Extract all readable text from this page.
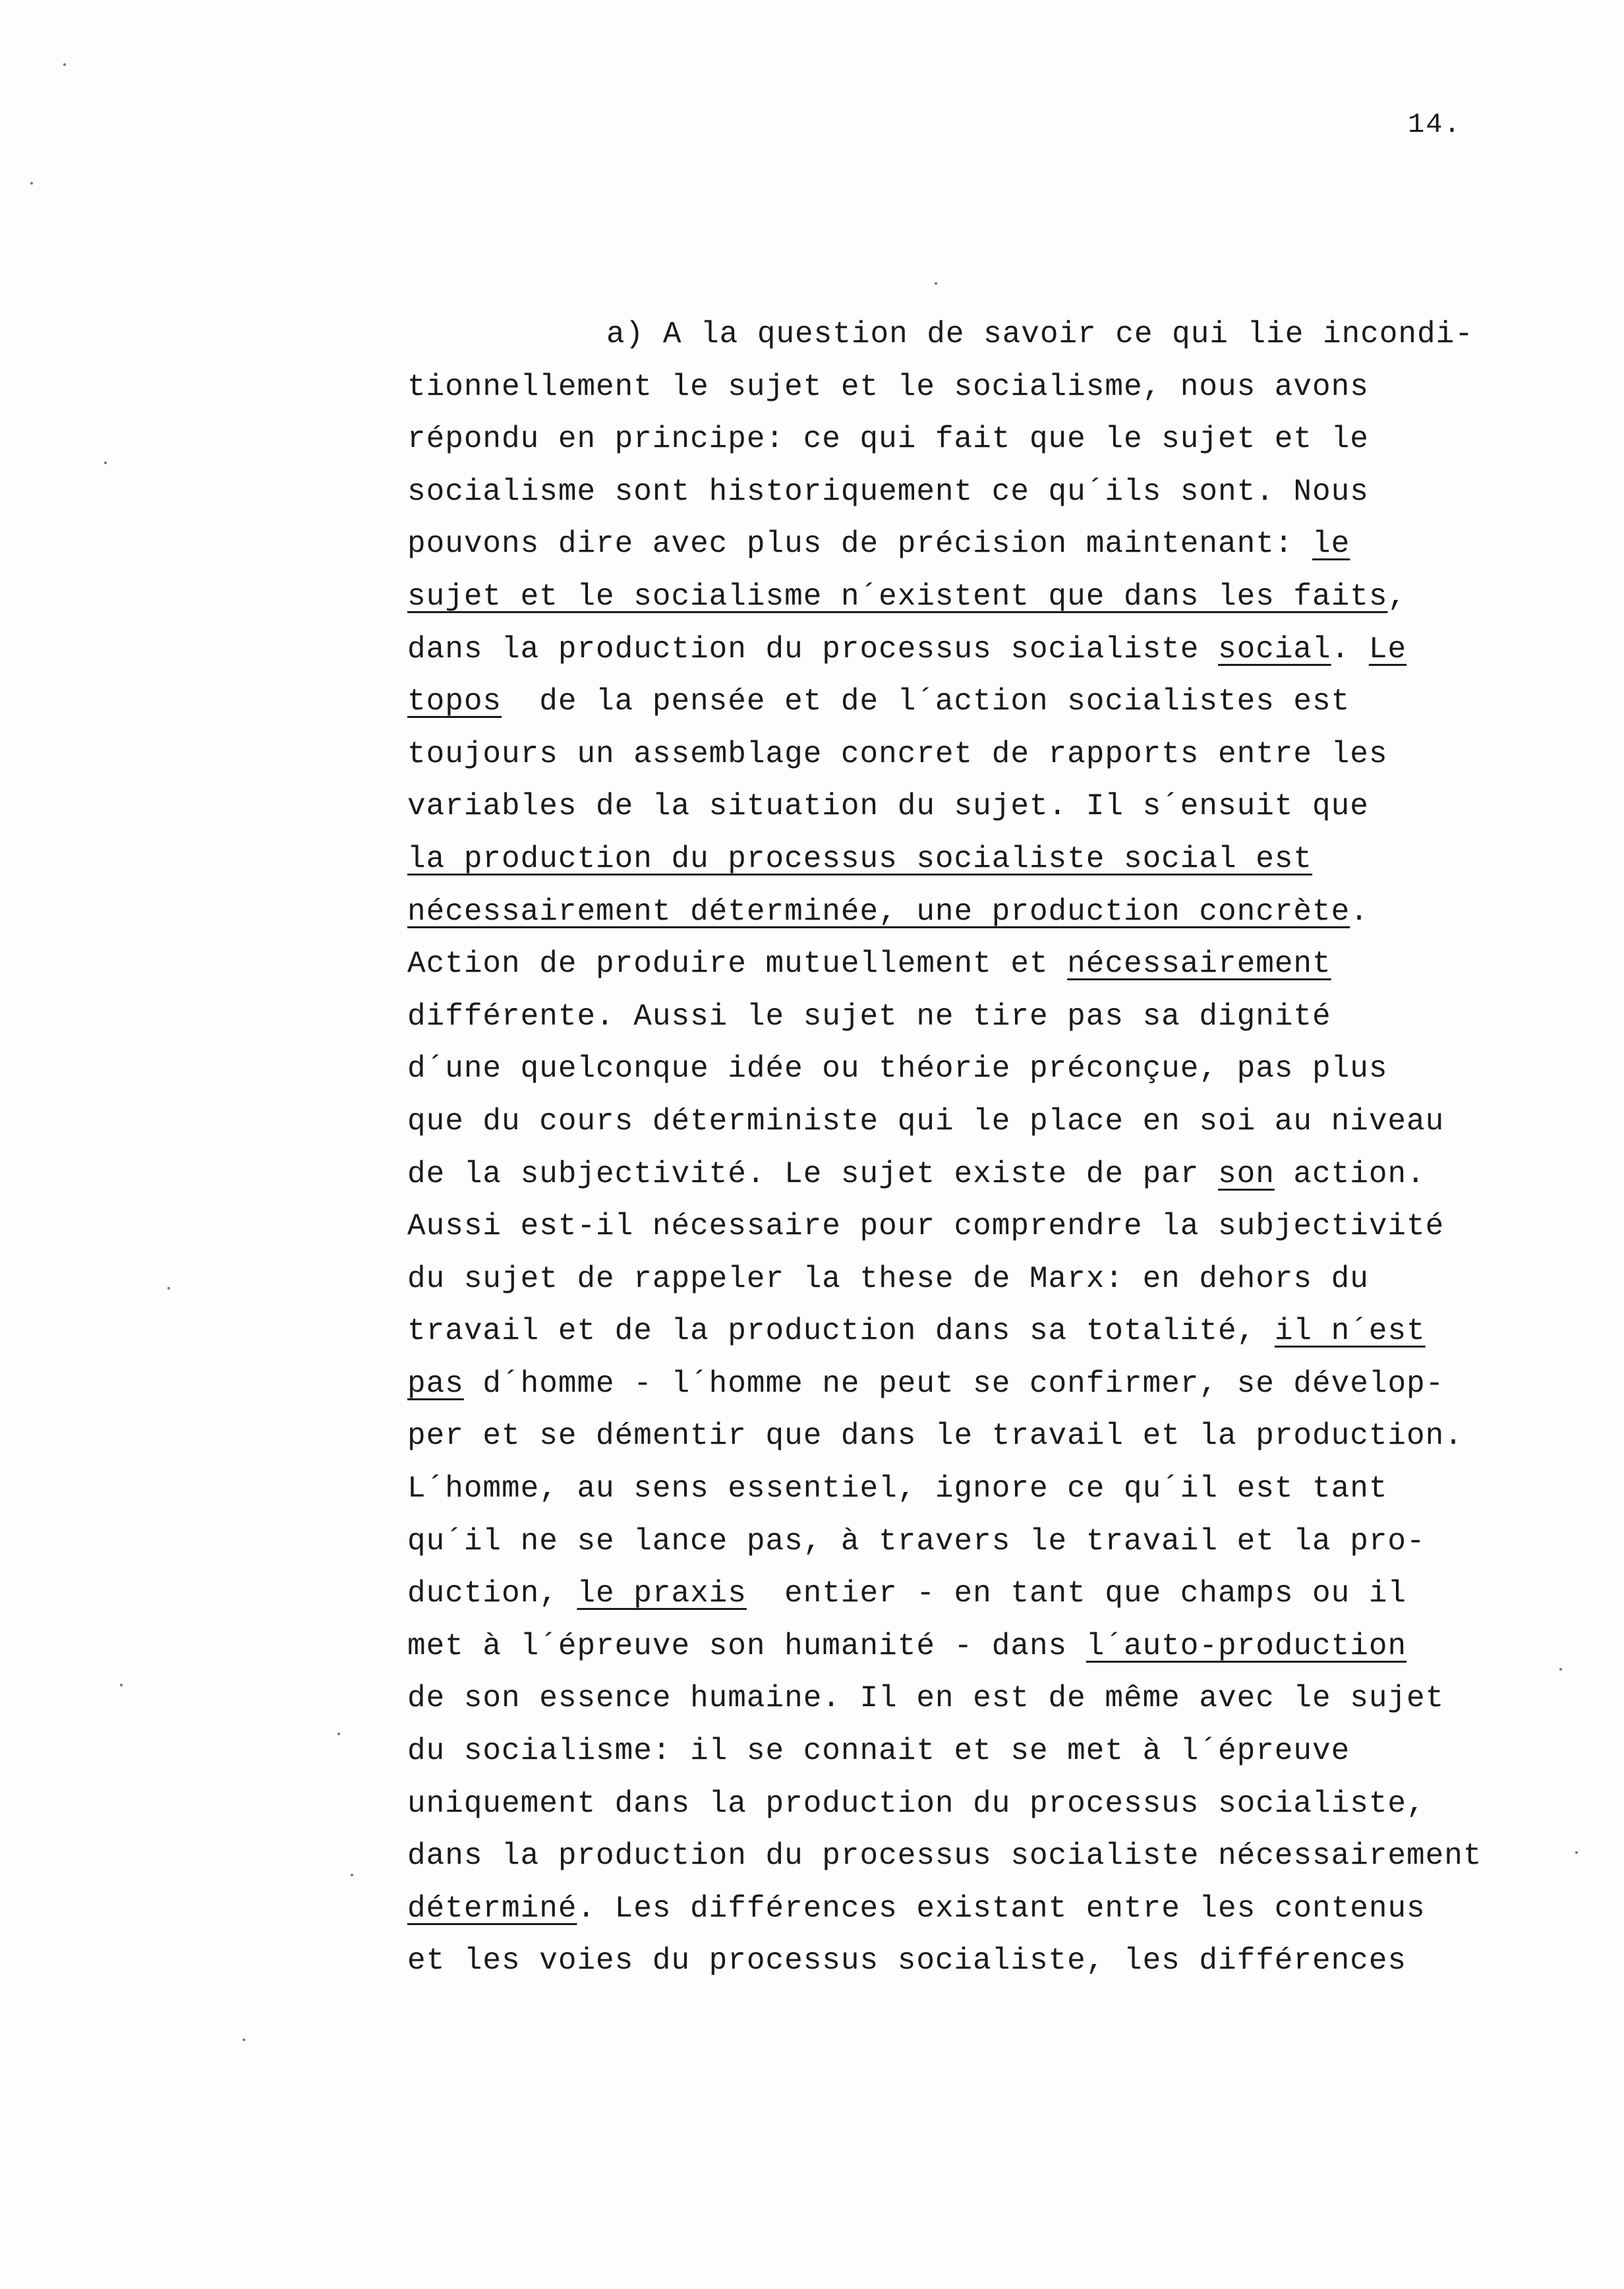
14.
a) A la question de savoir ce qui lie incondi-
tionnellement le sujet et le socialisme, nous avons
répondu en principe: ce qui fait que le sujet et le
socialisme sont historiquement ce qu´ils sont. Nous
pouvons dire avec plus de précision maintenant: le
sujet et le socialisme n´existent que dans les faits,
dans la production du processus socialiste social. Le
topos  de la pensée et de l´action socialistes est
toujours un assemblage concret de rapports entre les
variables de la situation du sujet. Il s´ensuit que
la production du processus socialiste social est
nécessairement déterminée, une production concrète.
Action de produire mutuellement et nécessairement
différente. Aussi le sujet ne tire pas sa dignité
d´une quelconque idée ou théorie préconçue, pas plus
que du cours déterministe qui le place en soi au niveau
de la subjectivité. Le sujet existe de par son action.
Aussi est-il nécessaire pour comprendre la subjectivité
du sujet de rappeler la these de Marx: en dehors du
travail et de la production dans sa totalité, il n´est
pas d´homme - l´homme ne peut se confirmer, se dévelop-
per et se démentir que dans le travail et la production.
L´homme, au sens essentiel, ignore ce qu´il est tant
qu´il ne se lance pas, à travers le travail et la pro-
duction, le praxis  entier - en tant que champs ou il
met à l´épreuve son humanité - dans l´auto-production
de son essence humaine. Il en est de même avec le sujet
du socialisme: il se connait et se met à l´épreuve
uniquement dans la production du processus socialiste,
dans la production du processus socialiste nécessairement
déterminé. Les différences existant entre les contenus
et les voies du processus socialiste, les différences
